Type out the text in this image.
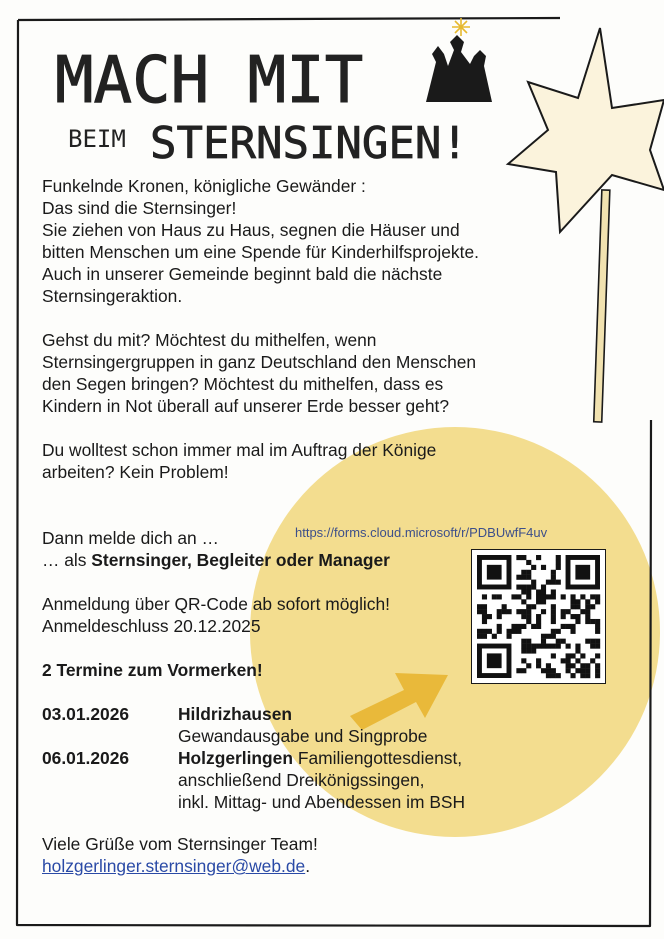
MACH MIT
BEIM STERNSINGEN!

Funkelnde Kronen, königliche Gewänder :

Das sind die Sternsinger!

Sie ziehen von Haus zu Haus, segnen die Häuser und

bitten Menschen um eine Spende für Kinderhilfsprojekte.

Auch in unserer Gemeinde beginnt bald die nächste

Sternsingeraktion.

Gehst du mit? Möchtest du mithelfen, wenn

Sternsingergruppen in ganz Deutschland den Menschen

den Segen bringen? Möchtest du mithelfen, dass es

Kindern in Not überall auf unserer Erde besser geht?

Du wolltest schon immer mal im Auftrag der Könige

arbeiten? Kein Problem!

Dann melde dich an …

… als Sternsinger, Begleiter oder Manager

Anmeldung über QR-Code ab sofort möglich!

Anmeldeschluss 20.12.2025

2 Termine zum Vormerken!

03.01.2026	Hildrizhausen
Gewandausgabe und Singprobe
06.01.2026	Holzgerlingen Familiengottesdienst,
anschließend Dreikönigssingen,
inkl. Mittag- und Abendessen im BSH

Viele Grüße vom Sternsinger Team!

holzgerlinger.sternsinger@web.de.

https://forms.cloud.microsoft/r/PDBUwfF4uv
